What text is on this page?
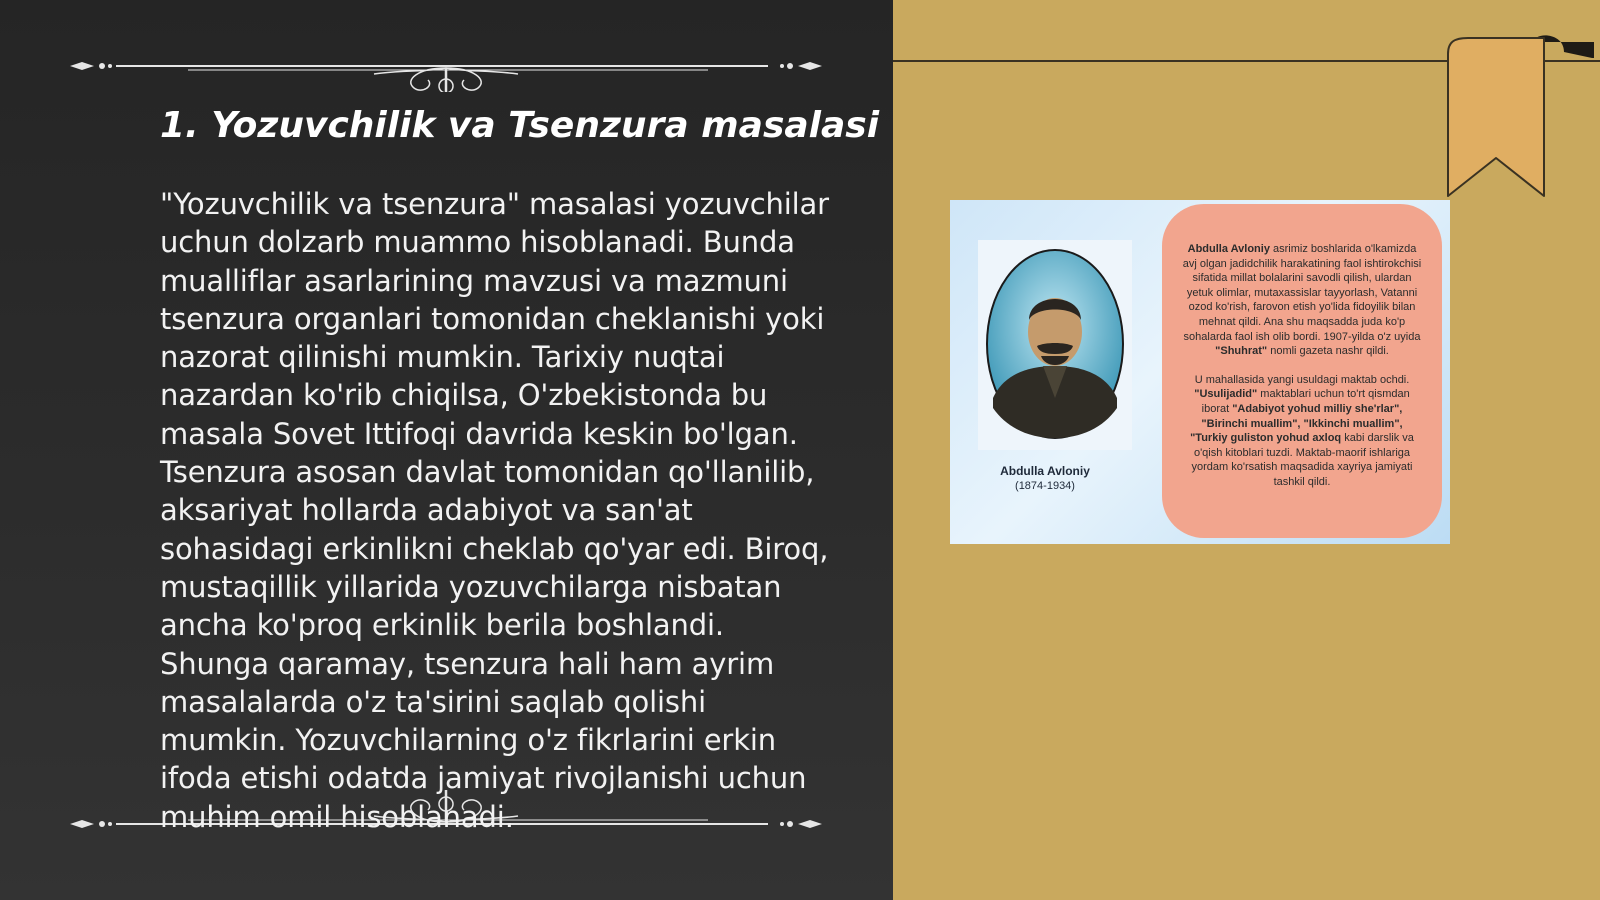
1. Yozuvchilik va Tsenzura masalasi

"Yozuvchilik va tsenzura" masalasi yozuvchilar uchun dolzarb muammo hisoblanadi. Bunda mualliflar asarlarining mavzusi va mazmuni tsenzura organlari tomonidan cheklanishi yoki nazorat qilinishi mumkin. Tarixiy nuqtai nazardan ko'rib chiqilsa, O'zbekistonda bu masala Sovet Ittifoqi davrida keskin bo'lgan. Tsenzura asosan davlat tomonidan qo'llanilib, aksariyat hollarda adabiyot va san'at sohasidagi erkinlikni cheklab qo'yar edi. Biroq, mustaqillik yillarida yozuvchilarga nisbatan ancha ko'proq erkinlik berila boshlandi. Shunga qaramay, tsenzura hali ham ayrim masalalarda o'z ta'sirini saqlab qolishi mumkin. Yozuvchilarning o'z fikrlarini erkin ifoda etishi odatda jamiyat rivojlanishi uchun muhim omil hisoblanadi.

Abdulla Avloniy
(1874-1934)

Abdulla Avloniy asrimiz boshlarida o'lkamizda avj olgan jadidchilik harakatining faol ishtirokchisi sifatida millat bolalarini savodli qilish, ulardan yetuk olimlar, mutaxassislar tayyorlash, Vatanni ozod ko'rish, farovon etish yo'lida fidoyilik bilan mehnat qildi. Ana shu maqsadda juda ko'p sohalarda faol ish olib bordi. 1907-yilda o'z uyida "Shuhrat" nomli gazeta nashr qildi.

U mahallasida yangi usuldagi maktab ochdi. "Usulijadid" maktablari uchun to'rt qismdan iborat "Adabiyot yohud milliy she'rlar", "Birinchi muallim", "Ikkinchi muallim", "Turkiy guliston yohud axloq kabi darslik va o'qish kitoblari tuzdi. Maktab-maorif ishlariga yordam ko'rsatish maqsadida xayriya jamiyati tashkil qildi.
